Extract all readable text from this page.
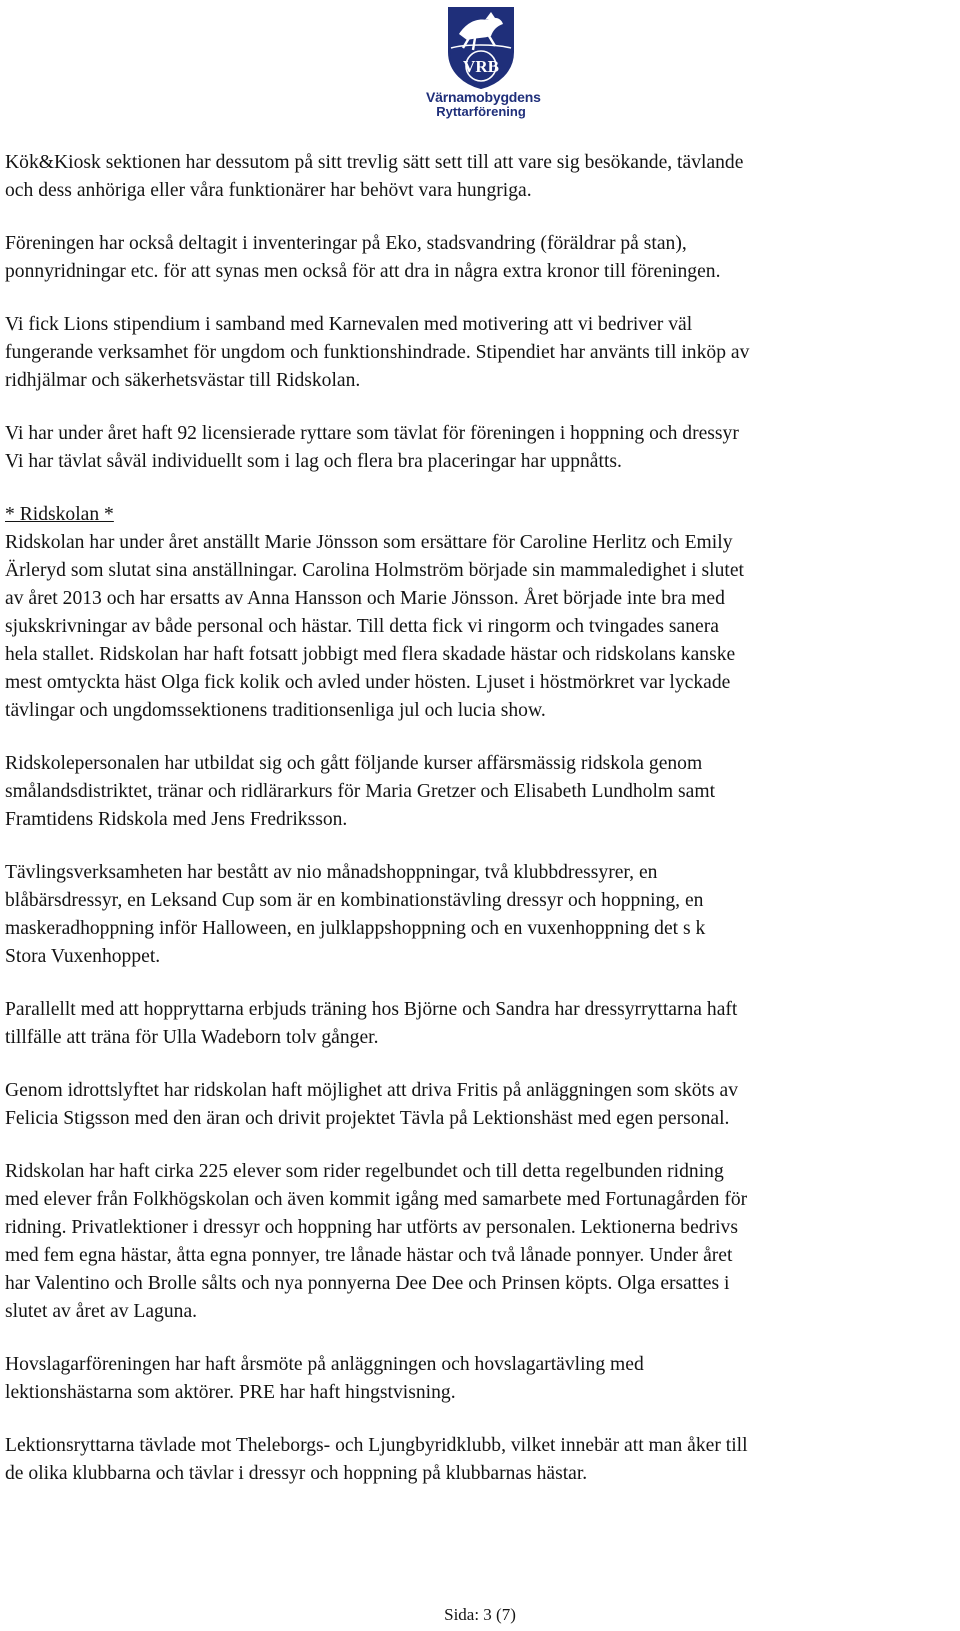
VRB
Värnamobygdens
Ryttarförening

Kök&Kiosk sektionen har dessutom på sitt trevlig sätt sett till att vare sig besökande, tävlande
och dess anhöriga eller våra funktionärer har behövt vara hungriga.

Föreningen har också deltagit i inventeringar på Eko, stadsvandring (föräldrar på stan),
ponnyridningar etc. för att synas men också för att dra in några extra kronor till föreningen.

Vi fick Lions stipendium i samband med Karnevalen med motivering att vi bedriver väl
fungerande verksamhet för ungdom och funktionshindrade. Stipendiet har använts till inköp av
ridhjälmar och säkerhetsvästar till Ridskolan.

Vi har under året haft 92 licensierade ryttare som tävlat för föreningen i hoppning och dressyr
Vi har tävlat såväl individuellt som i lag och flera bra placeringar har uppnåtts.

* Ridskolan *
Ridskolan har under året anställt Marie Jönsson som ersättare för Caroline Herlitz och Emily
Ärleryd som slutat sina anställningar. Carolina Holmström började sin mammaledighet i slutet
av året 2013 och har ersatts av Anna Hansson och Marie Jönsson. Året började inte bra med
sjukskrivningar av både personal och hästar. Till detta fick vi ringorm och tvingades sanera
hela stallet. Ridskolan har haft fotsatt jobbigt med flera skadade hästar och ridskolans kanske
mest omtyckta häst Olga fick kolik och avled under hösten. Ljuset i höstmörkret var lyckade
tävlingar och ungdomssektionens traditionsenliga jul och lucia show.

Ridskolepersonalen har utbildat sig och gått följande kurser affärsmässig ridskola genom
smålandsdistriktet, tränar och ridlärarkurs för Maria Gretzer och Elisabeth Lundholm samt
Framtidens Ridskola med Jens Fredriksson.

Tävlingsverksamheten har bestått av nio månadshoppningar, två klubbdressyrer, en
blåbärsdressyr, en Leksand Cup som är en kombinationstävling dressyr och hoppning, en
maskeradhoppning inför Halloween, en julklappshoppning och en vuxenhoppning det s k
Stora Vuxenhoppet.

Parallellt med att hoppryttarna erbjuds träning hos Björne och Sandra har dressyrryttarna haft
tillfälle att träna för Ulla Wadeborn tolv gånger.

Genom idrottslyftet har ridskolan haft möjlighet att driva Fritis på anläggningen som sköts av
Felicia Stigsson med den äran och drivit projektet Tävla på Lektionshäst med egen personal.

Ridskolan har haft cirka 225 elever som rider regelbundet och till detta regelbunden ridning
med elever från Folkhögskolan och även kommit igång med samarbete med Fortunagården för
ridning. Privatlektioner i dressyr och hoppning har utförts av personalen. Lektionerna bedrivs
med fem egna hästar, åtta egna ponnyer, tre lånade hästar och två lånade ponnyer. Under året
har Valentino och Brolle sålts och nya ponnyerna Dee Dee och Prinsen köpts. Olga ersattes i
slutet av året av Laguna.

Hovslagarföreningen har haft årsmöte på anläggningen och hovslagartävling med
lektionshästarna som aktörer. PRE har haft hingstvisning.

Lektionsryttarna tävlade mot Theleborgs- och Ljungbyridklubb, vilket innebär att man åker till
de olika klubbarna och tävlar i dressyr och hoppning på klubbarnas hästar.

Sida: 3 (7)
